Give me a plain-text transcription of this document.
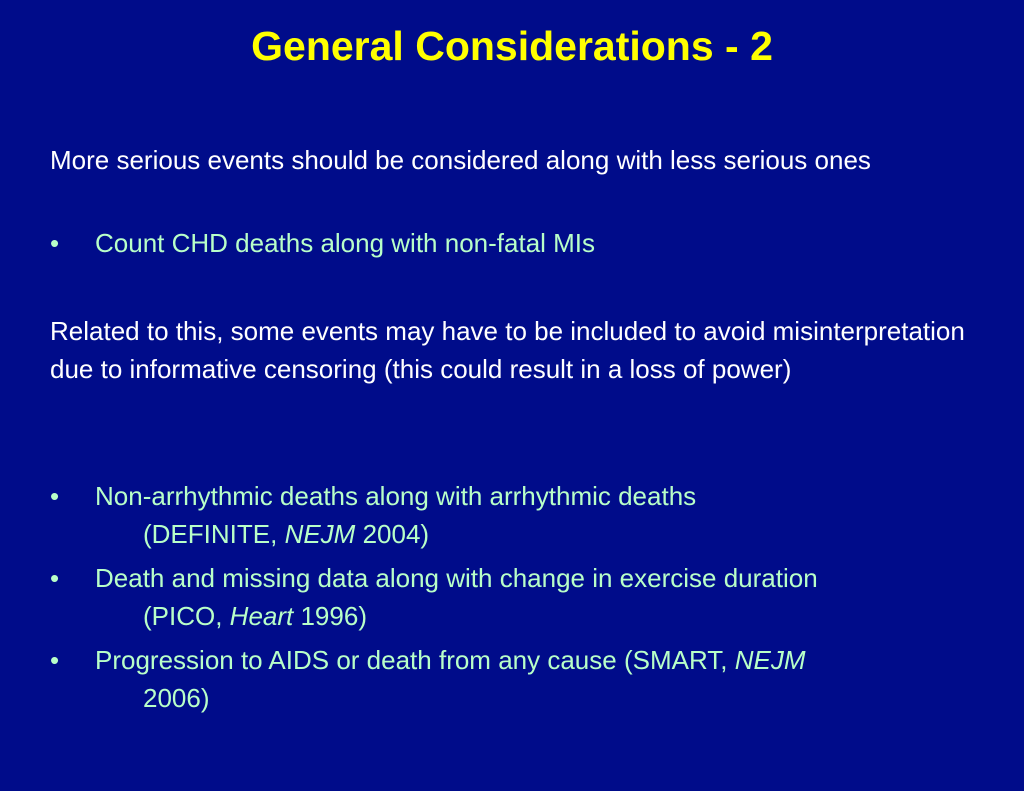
General Considerations - 2

More serious events should be considered along with less serious ones

• Count CHD deaths along with non-fatal MIs

Related to this, some events may have to be included to avoid misinterpretation due to informative censoring (this could result in a loss of power)

• Non-arrhythmic deaths along with arrhythmic deaths
(DEFINITE, NEJM 2004)
• Death and missing data along with change in exercise duration
(PICO, Heart 1996)
• Progression to AIDS or death from any cause (SMART, NEJM
2006)
